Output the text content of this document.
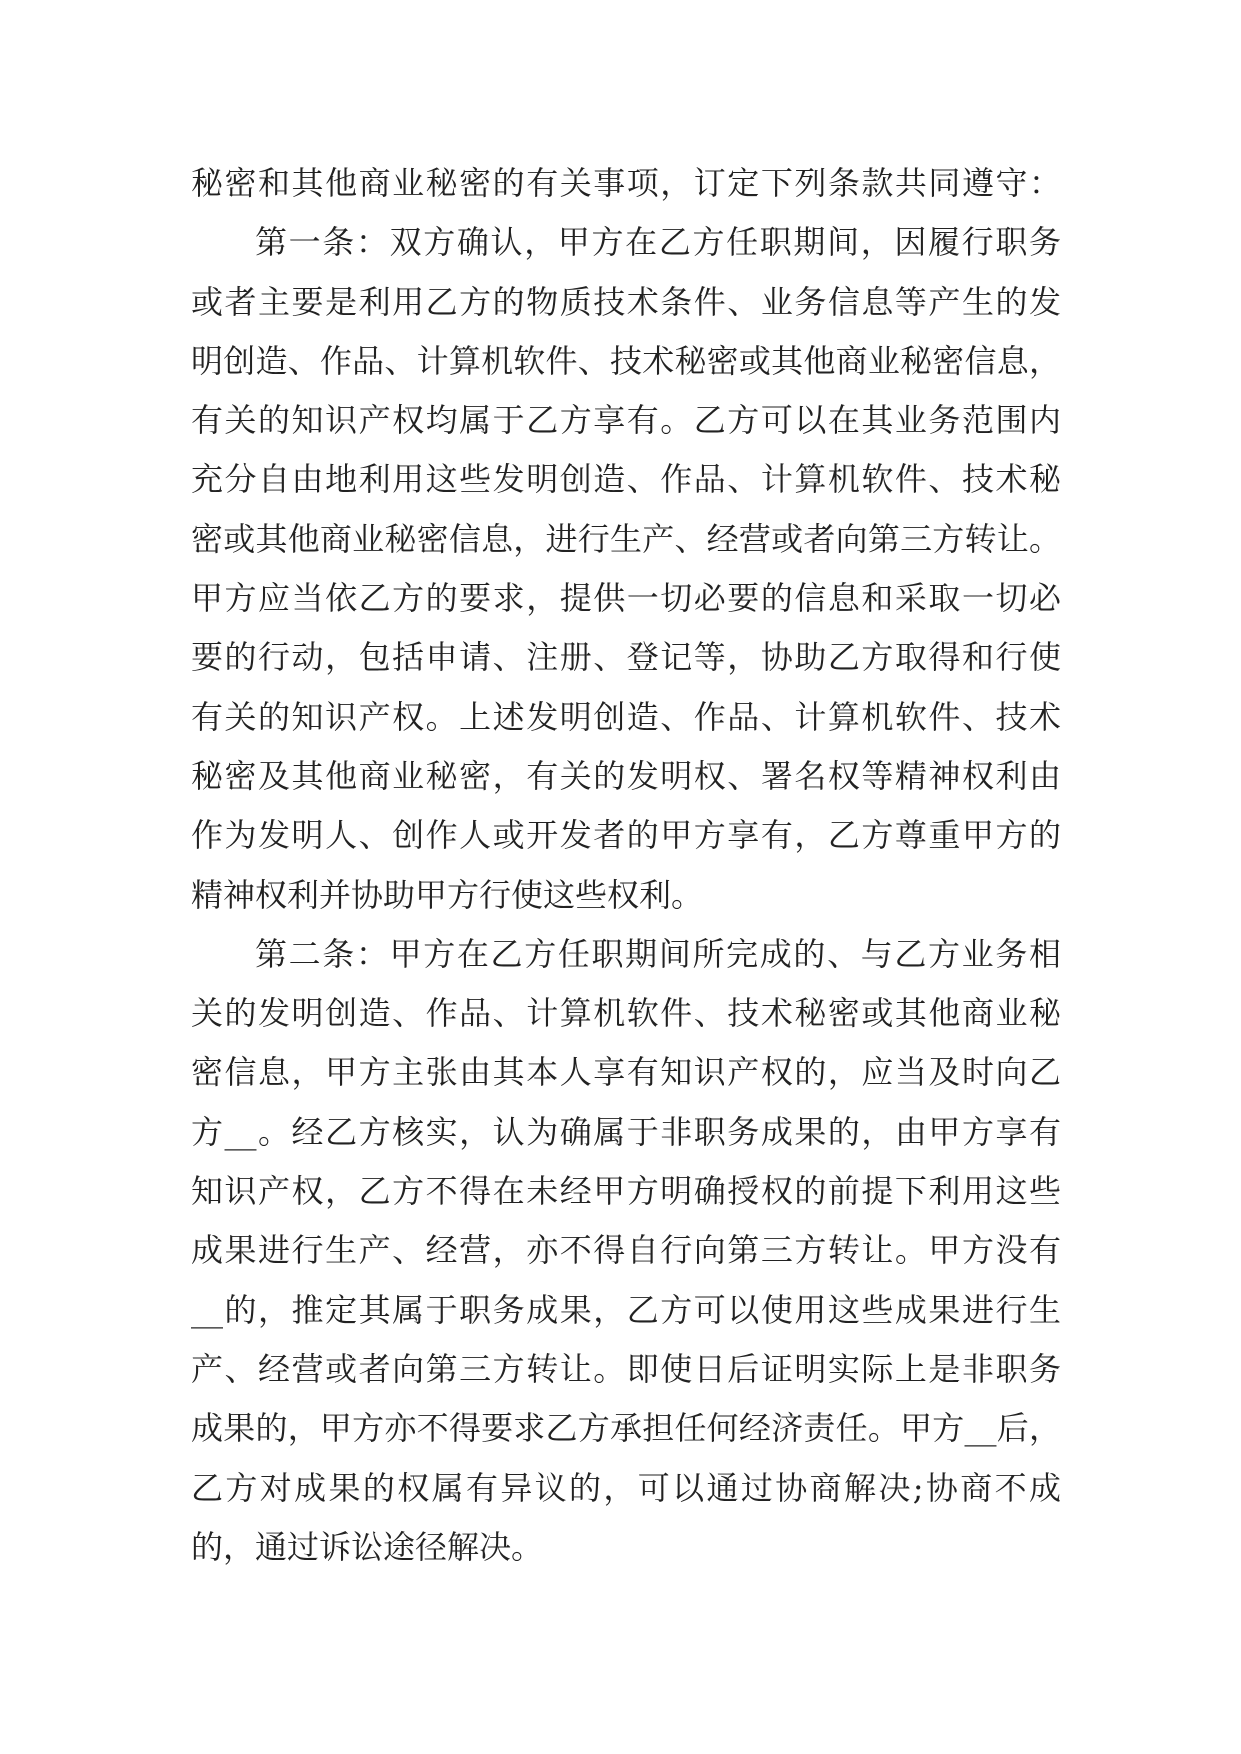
秘密和其他商业秘密的有关事项，订定下列条款共同遵守：
第一条：双方确认，甲方在乙方任职期间，因履行职务
或者主要是利用乙方的物质技术条件、业务信息等产生的发
明创造、作品、计算机软件、技术秘密或其他商业秘密信息，
有关的知识产权均属于乙方享有。乙方可以在其业务范围内
充分自由地利用这些发明创造、作品、计算机软件、技术秘
密或其他商业秘密信息，进行生产、经营或者向第三方转让。
甲方应当依乙方的要求，提供一切必要的信息和采取一切必
要的行动，包括申请、注册、登记等，协助乙方取得和行使
有关的知识产权。上述发明创造、作品、计算机软件、技术
秘密及其他商业秘密，有关的发明权、署名权等精神权利由
作为发明人、创作人或开发者的甲方享有，乙方尊重甲方的
精神权利并协助甲方行使这些权利。
第二条：甲方在乙方任职期间所完成的、与乙方业务相
关的发明创造、作品、计算机软件、技术秘密或其他商业秘
密信息，甲方主张由其本人享有知识产权的，应当及时向乙
方__。经乙方核实，认为确属于非职务成果的，由甲方享有
知识产权，乙方不得在未经甲方明确授权的前提下利用这些
成果进行生产、经营，亦不得自行向第三方转让。甲方没有
__的，推定其属于职务成果，乙方可以使用这些成果进行生
产、经营或者向第三方转让。即使日后证明实际上是非职务
成果的，甲方亦不得要求乙方承担任何经济责任。甲方__后，
乙方对成果的权属有异议的，可以通过协商解决;协商不成
的，通过诉讼途径解决。
